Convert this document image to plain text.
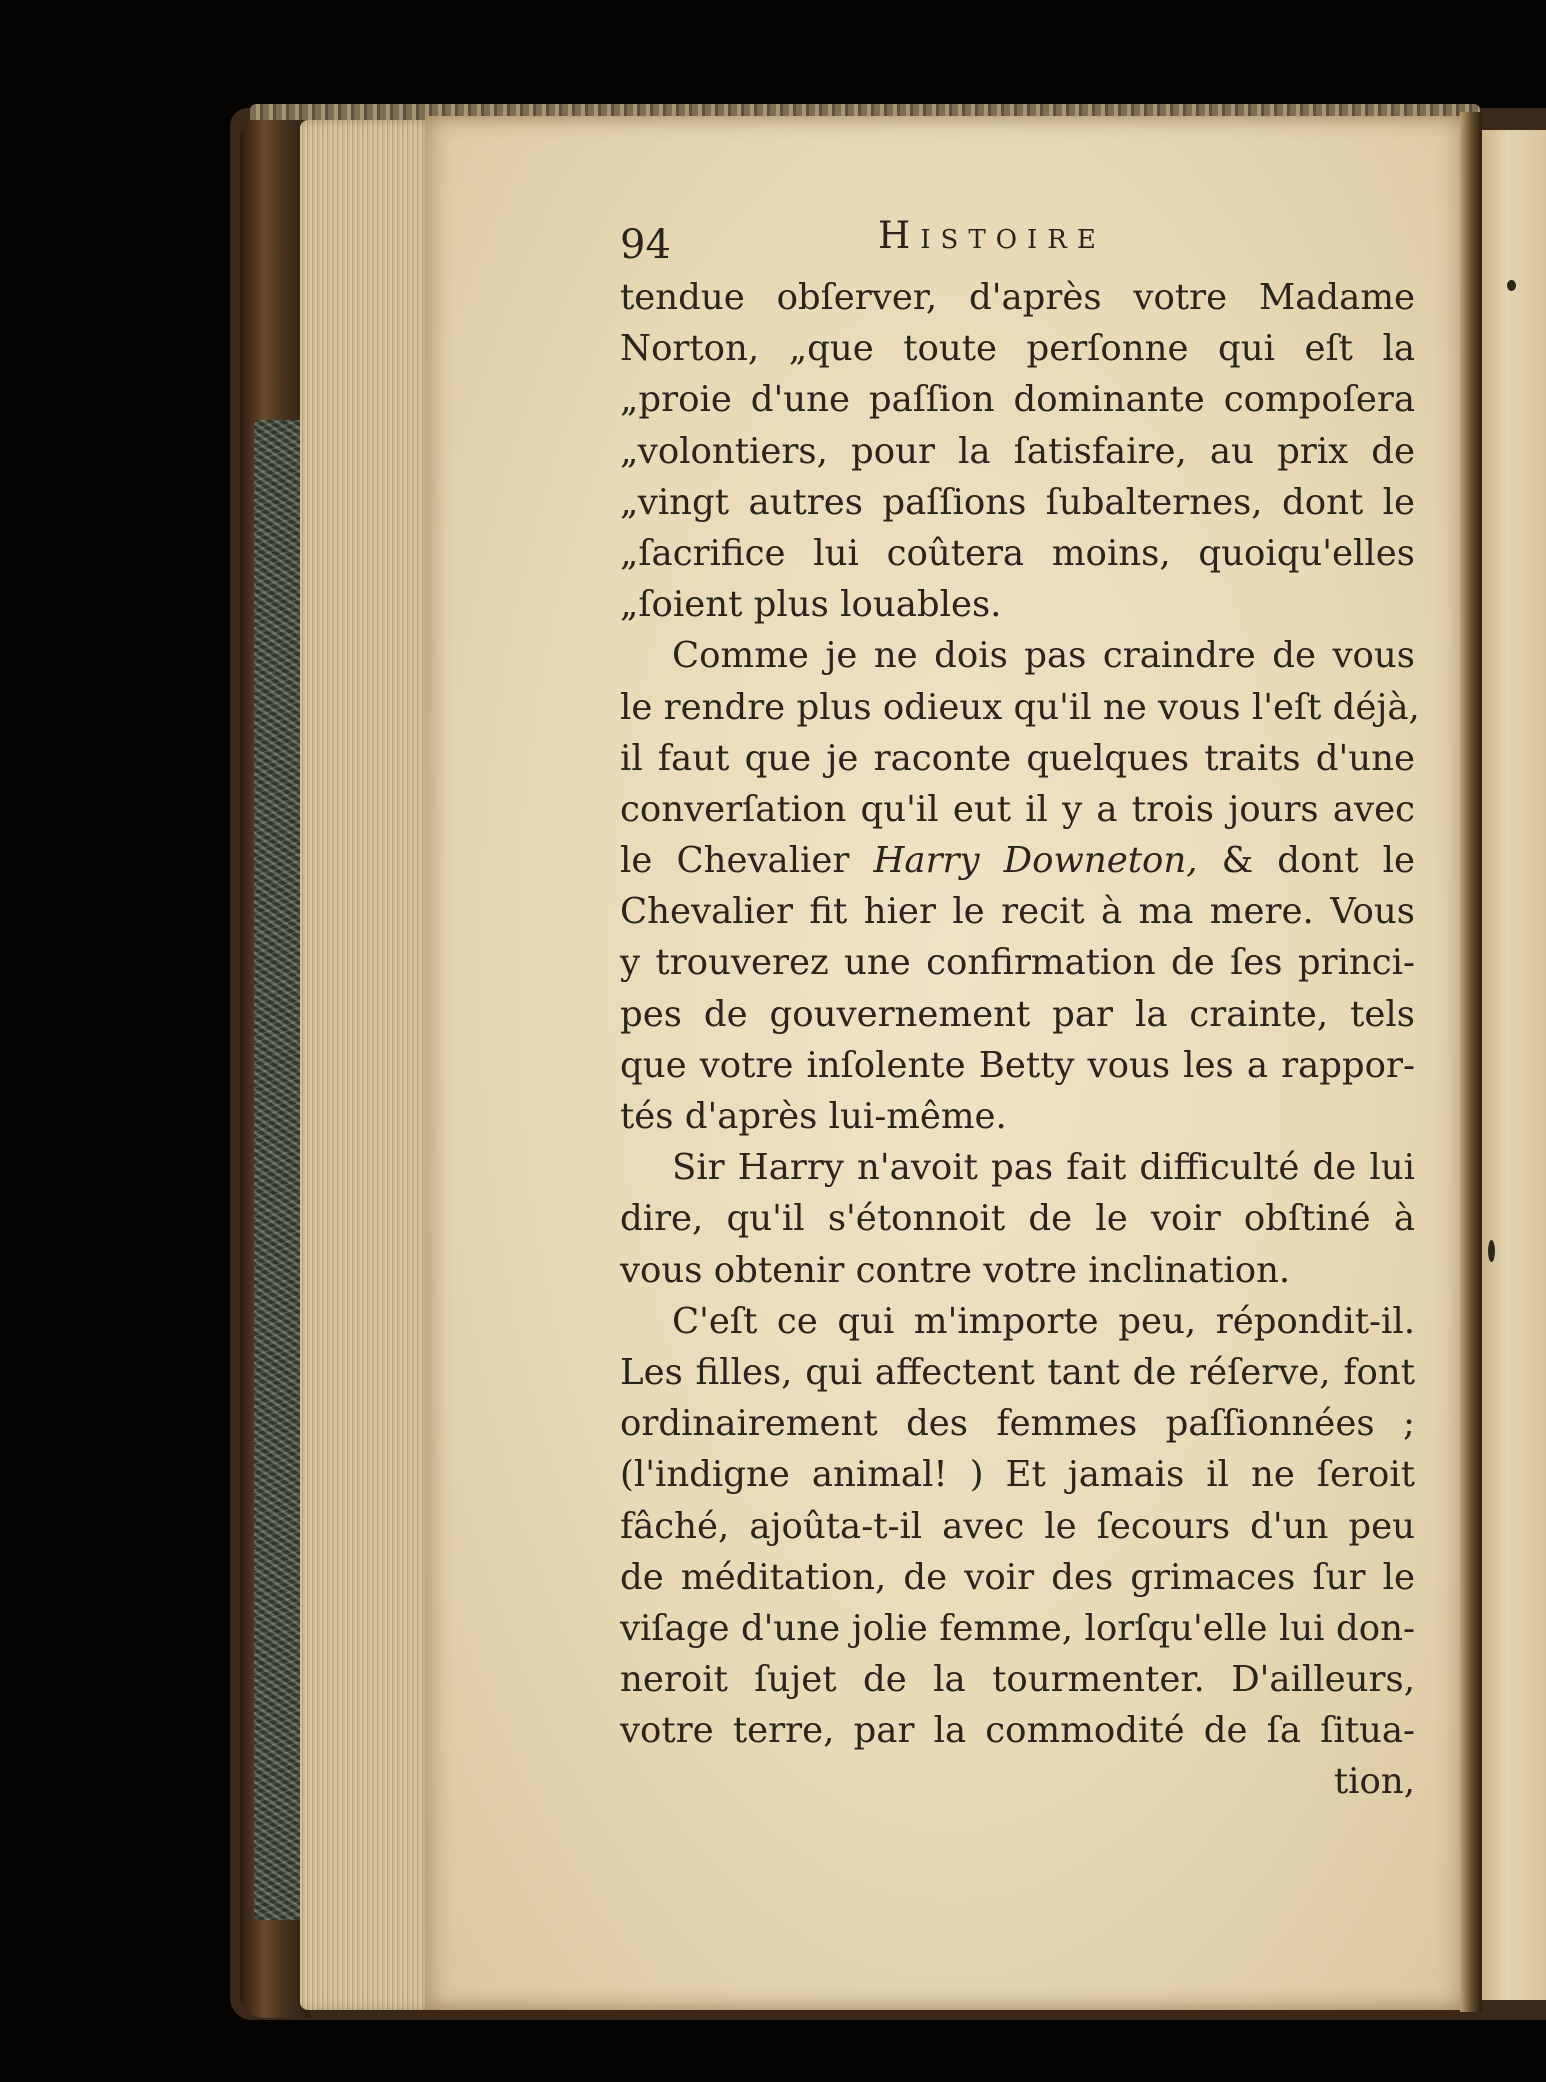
94	Histoire
tendue obſerver, d'après votre Madame
Norton, „que toute perſonne qui eſt la
„proie d'une paſſion dominante compoſera
„volontiers, pour la ſatisfaire, au prix de
„vingt autres paſſions ſubalternes, dont le
„ſacrifice lui coûtera moins, quoiqu'elles
„ſoient plus louables.
Comme je ne dois pas craindre de vous
le rendre plus odieux qu'il ne vous l'eſt déjà,
il faut que je raconte quelques traits d'une
converſation qu'il eut il y a trois jours avec
le Chevalier Harry Downeton, & dont le
Chevalier fit hier le recit à ma mere. Vous
y trouverez une confirmation de ſes princi-
pes de gouvernement par la crainte, tels
que votre inſolente Betty vous les a rappor-
tés d'après lui-même.
Sir Harry n'avoit pas fait difficulté de lui
dire, qu'il s'étonnoit de le voir obſtiné à
vous obtenir contre votre inclination.
C'eſt ce qui m'importe peu, répondit-il.
Les filles, qui affectent tant de réſerve, font
ordinairement des femmes paſſionnées ;
(l'indigne animal! ) Et jamais il ne ſeroit
fâché, ajoûta-t-il avec le ſecours d'un peu
de méditation, de voir des grimaces ſur le
viſage d'une jolie femme, lorſqu'elle lui don-
neroit ſujet de la tourmenter. D'ailleurs,
votre terre, par la commodité de ſa ſitua-
tion,
